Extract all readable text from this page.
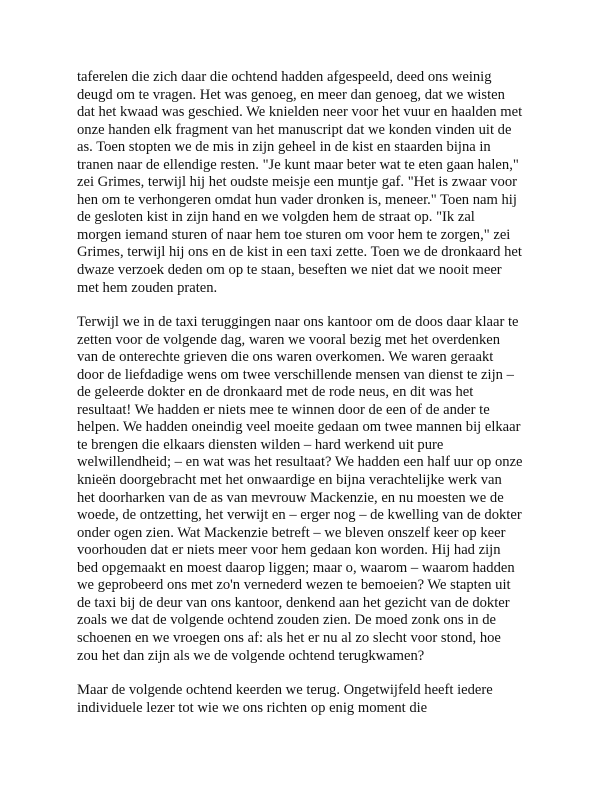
taferelen die zich daar die ochtend hadden afgespeeld, deed ons weinig
deugd om te vragen. Het was genoeg, en meer dan genoeg, dat we wisten
dat het kwaad was geschied. We knielden neer voor het vuur en haalden met
onze handen elk fragment van het manuscript dat we konden vinden uit de
as. Toen stopten we de mis in zijn geheel in de kist en staarden bijna in
tranen naar de ellendige resten. "Je kunt maar beter wat te eten gaan halen,"
zei Grimes, terwijl hij het oudste meisje een muntje gaf. "Het is zwaar voor
hen om te verhongeren omdat hun vader dronken is, meneer." Toen nam hij
de gesloten kist in zijn hand en we volgden hem de straat op. "Ik zal
morgen iemand sturen of naar hem toe sturen om voor hem te zorgen," zei
Grimes, terwijl hij ons en de kist in een taxi zette. Toen we de dronkaard het
dwaze verzoek deden om op te staan, beseften we niet dat we nooit meer
met hem zouden praten.

Terwijl we in de taxi teruggingen naar ons kantoor om de doos daar klaar te
zetten voor de volgende dag, waren we vooral bezig met het overdenken
van de onterechte grieven die ons waren overkomen. We waren geraakt
door de liefdadige wens om twee verschillende mensen van dienst te zijn –
de geleerde dokter en de dronkaard met de rode neus, en dit was het
resultaat! We hadden er niets mee te winnen door de een of de ander te
helpen. We hadden oneindig veel moeite gedaan om twee mannen bij elkaar
te brengen die elkaars diensten wilden – hard werkend uit pure
welwillendheid; – en wat was het resultaat? We hadden een half uur op onze
knieën doorgebracht met het onwaardige en bijna verachtelijke werk van
het doorharken van de as van mevrouw Mackenzie, en nu moesten we de
woede, de ontzetting, het verwijt en – erger nog – de kwelling van de dokter
onder ogen zien. Wat Mackenzie betreft – we bleven onszelf keer op keer
voorhouden dat er niets meer voor hem gedaan kon worden. Hij had zijn
bed opgemaakt en moest daarop liggen; maar o, waarom – waarom hadden
we geprobeerd ons met zo'n vernederd wezen te bemoeien? We stapten uit
de taxi bij de deur van ons kantoor, denkend aan het gezicht van de dokter
zoals we dat de volgende ochtend zouden zien. De moed zonk ons in de
schoenen en we vroegen ons af: als het er nu al zo slecht voor stond, hoe
zou het dan zijn als we de volgende ochtend terugkwamen?

Maar de volgende ochtend keerden we terug. Ongetwijfeld heeft iedere
individuele lezer tot wie we ons richten op enig moment die
